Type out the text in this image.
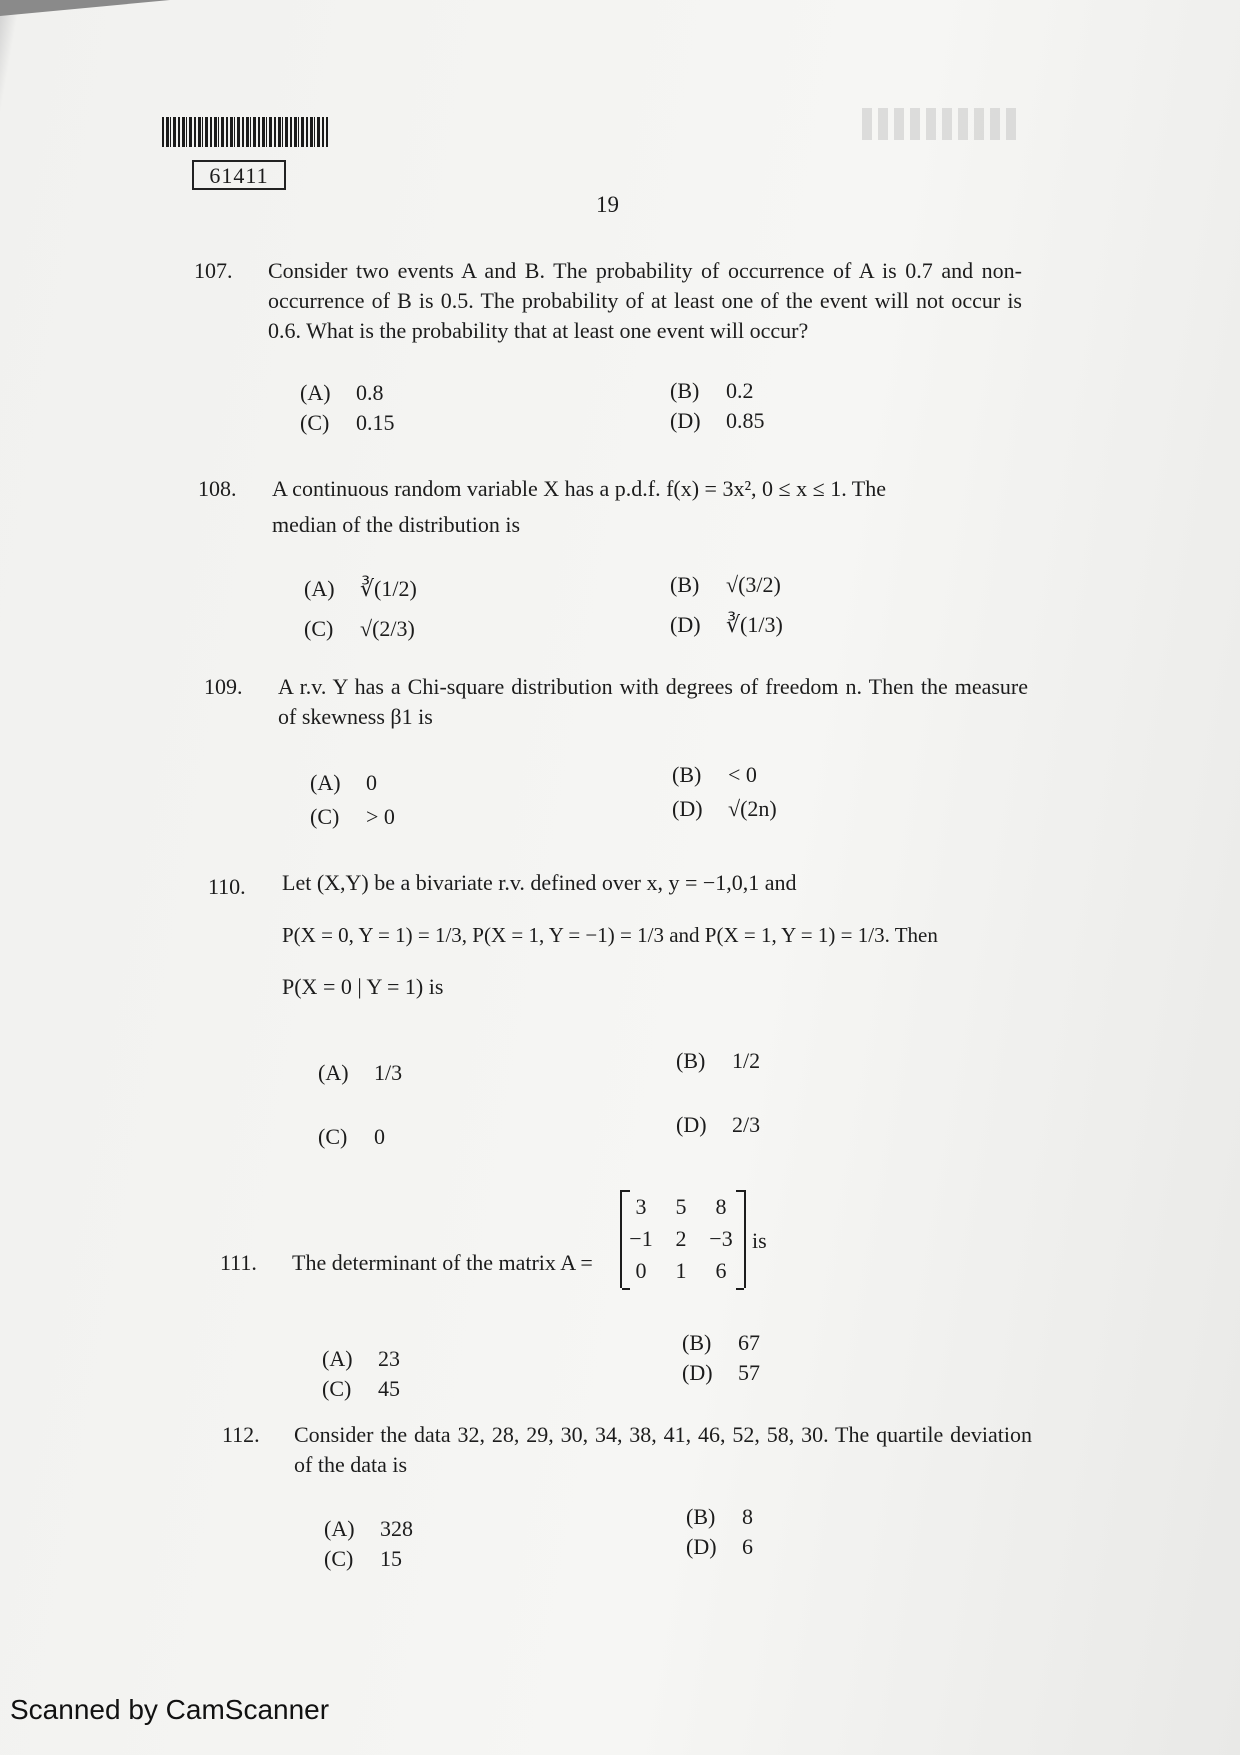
61411
19
107. Consider two events A and B. The probability of occurrence of A is 0.7 and non-occurrence of B is 0.5. The probability of at least one of the event will not occur is 0.6. What is the probability that at least one event will occur?
(A) 0.8	(B) 0.2
(C) 0.15	(D) 0.85
108. A continuous random variable X has a p.d.f. f(x) = 3x², 0 ≤ x ≤ 1. The
median of the distribution is
(A) ∛(1/2)	(B) √(3/2)
(C) √(2/3)	(D) ∛(1/3)
109. A r.v. Y has a Chi-square distribution with degrees of freedom n. Then the measure of skewness β1 is
(A) 0	(B) < 0
(C) > 0	(D) √(2n)
110. Let (X,Y) be a bivariate r.v. defined over x, y = −1,0,1 and
P(X = 0, Y = 1) = 1/3, P(X = 1, Y = −1) = 1/3 and P(X = 1, Y = 1) = 1/3. Then
P(X = 0 | Y = 1) is
(A) 1/3	(B) 1/2
(C) 0	(D) 2/3
111. The determinant of the matrix A =
3	5	8
−1	2	−3
0	1	6
is
(A) 23
(B) 67
(C) 45
(D) 57
112. Consider the data 32, 28, 29, 30, 34, 38, 41, 46, 52, 58, 30. The quartile deviation of the data is
(A) 328	(B) 8
(C) 15	(D) 6
Scanned by CamScanner
